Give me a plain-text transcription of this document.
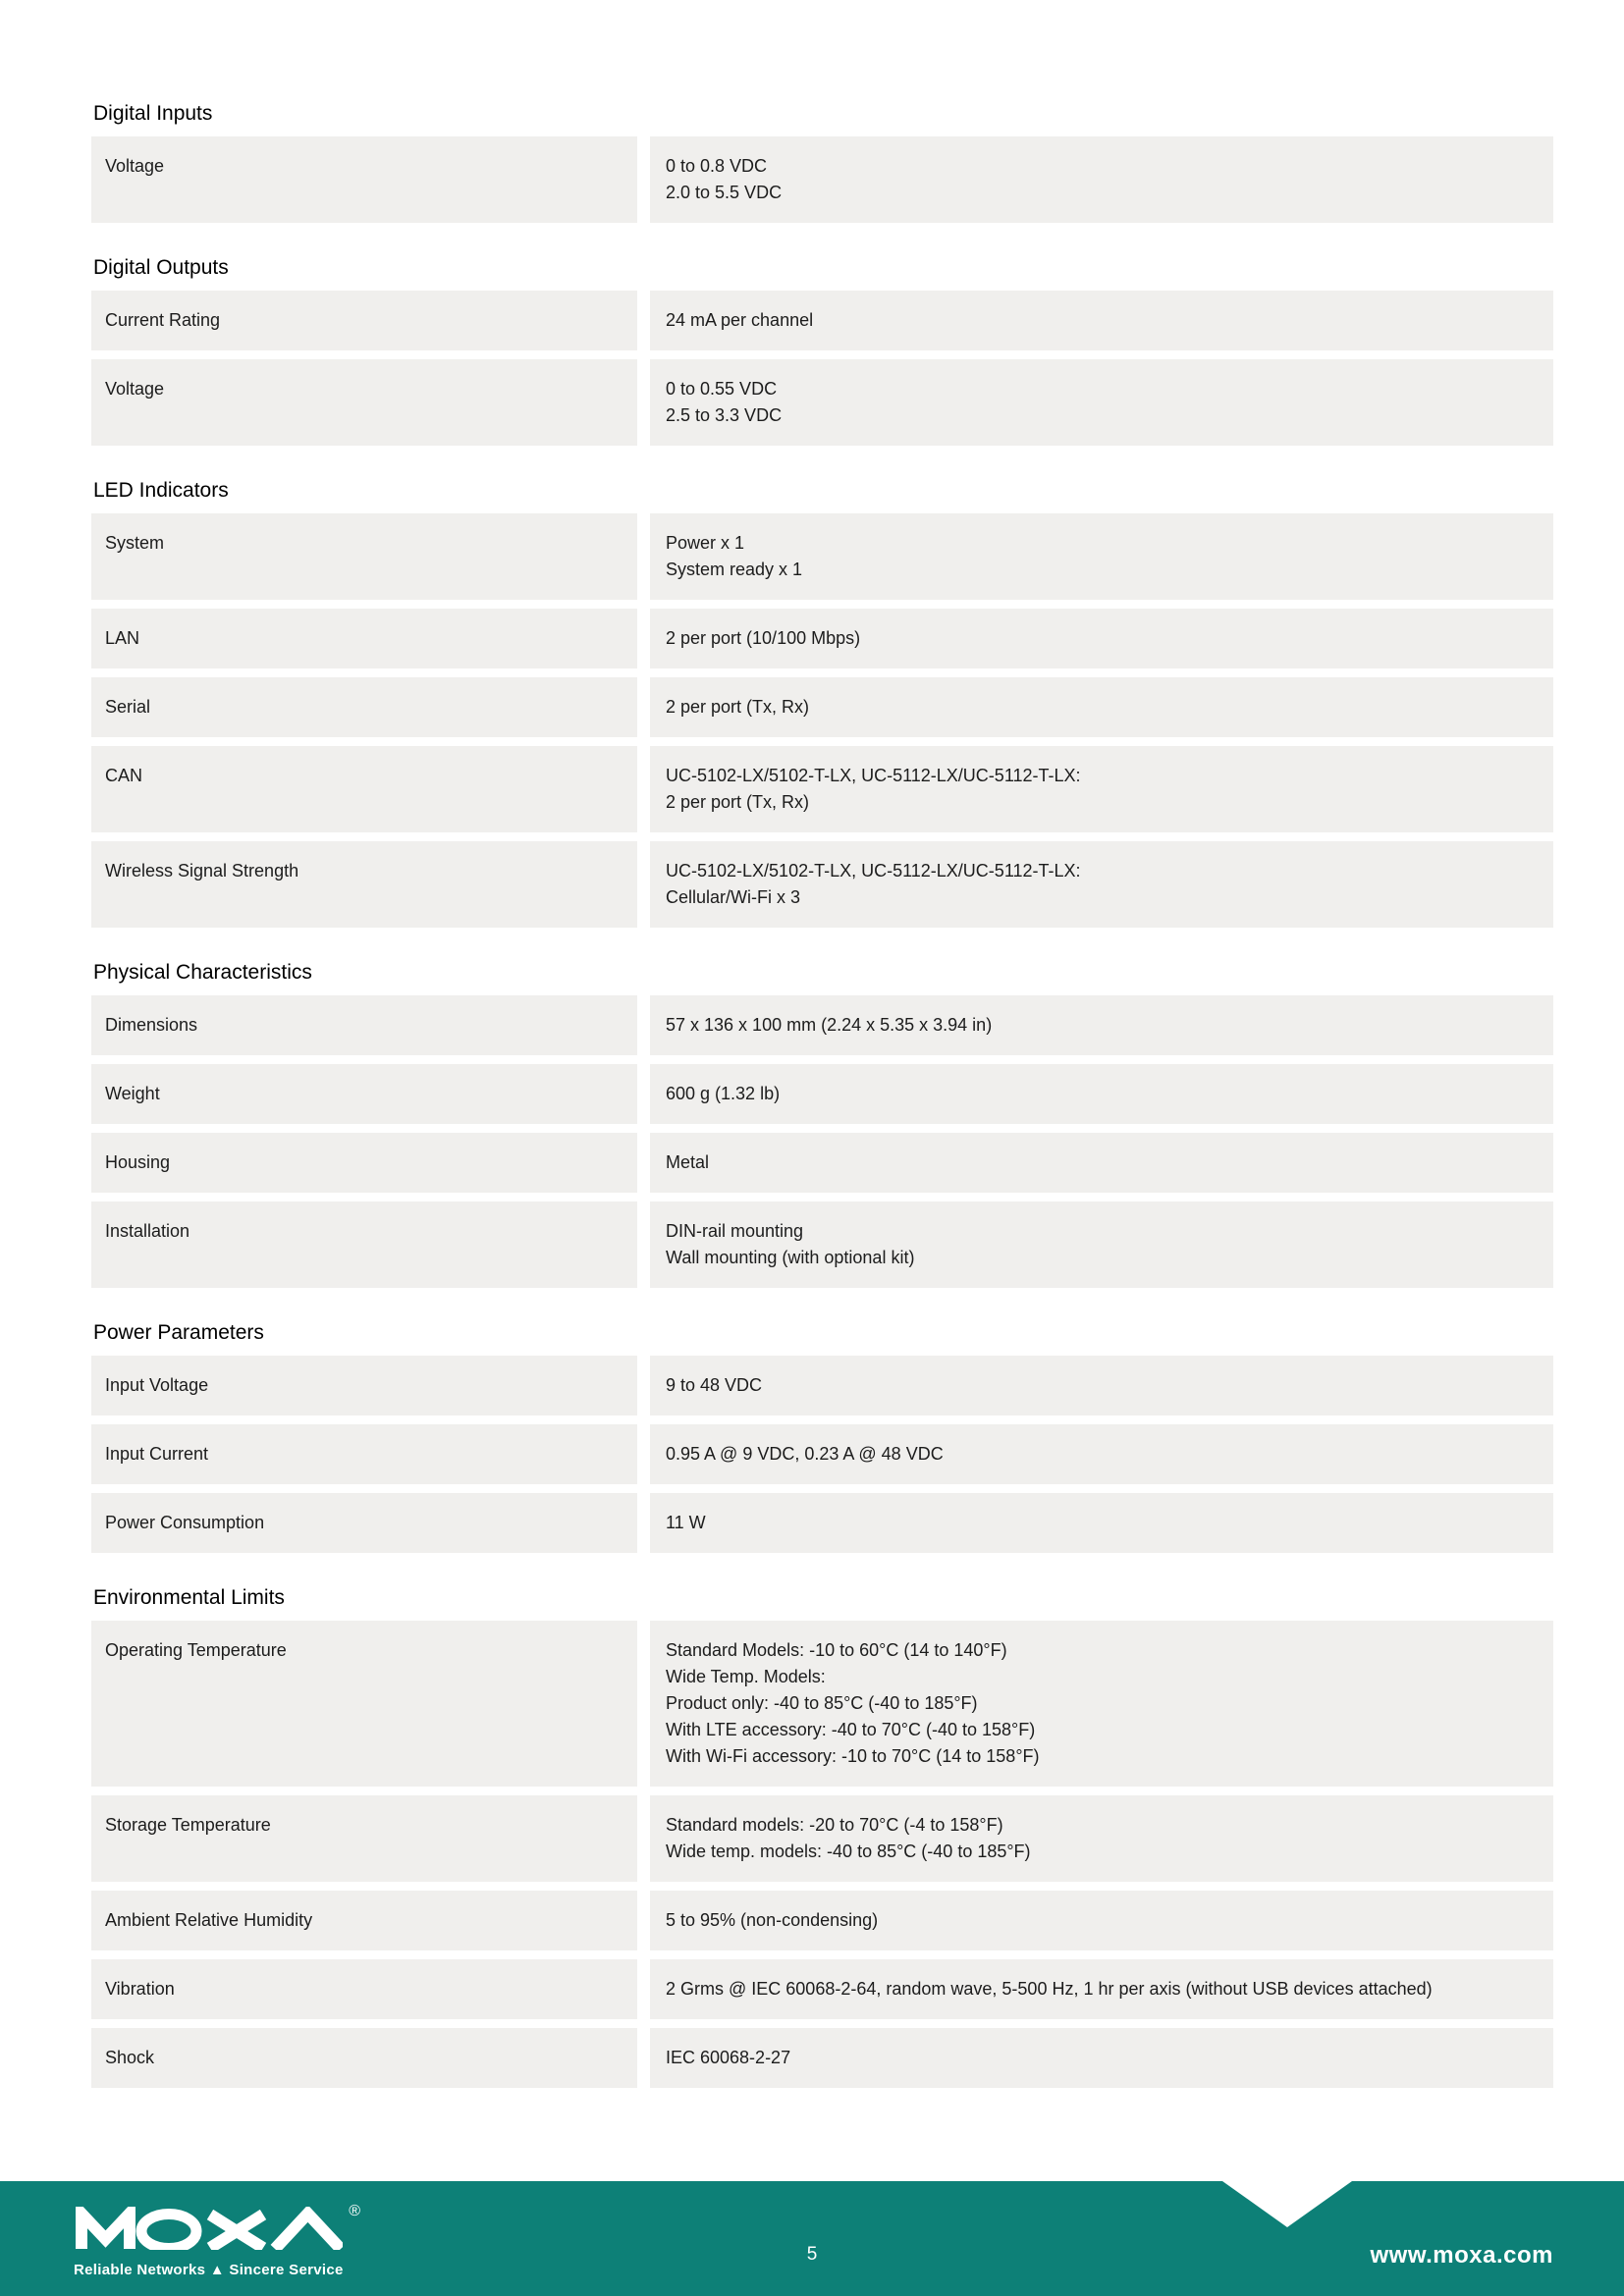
Digital Inputs
Voltage	0 to 0.8 VDC
2.0 to 5.5 VDC
Digital Outputs
Current Rating	24 mA per channel
Voltage	0 to 0.55 VDC
2.5 to 3.3 VDC
LED Indicators
System	Power x 1
System ready x 1
LAN	2 per port (10/100 Mbps)
Serial	2 per port (Tx, Rx)
CAN	UC-5102-LX/5102-T-LX, UC-5112-LX/UC-5112-T-LX:
2 per port (Tx, Rx)
Wireless Signal Strength	UC-5102-LX/5102-T-LX, UC-5112-LX/UC-5112-T-LX:
Cellular/Wi-Fi x 3
Physical Characteristics
Dimensions	57 x 136 x 100 mm (2.24 x 5.35 x 3.94 in)
Weight	600 g (1.32 lb)
Housing	Metal
Installation	DIN-rail mounting
Wall mounting (with optional kit)
Power Parameters
Input Voltage	9 to 48 VDC
Input Current	0.95 A @ 9 VDC, 0.23 A @ 48 VDC
Power Consumption	11 W
Environmental Limits
Operating Temperature	Standard Models: -10 to 60°C (14 to 140°F)
Wide Temp. Models:
Product only: -40 to 85°C (-40 to 185°F)
With LTE accessory: -40 to 70°C (-40 to 158°F)
With Wi-Fi accessory: -10 to 70°C (14 to 158°F)
Storage Temperature	Standard models: -20 to 70°C (-4 to 158°F)
Wide temp. models: -40 to 85°C (-40 to 185°F)
Ambient Relative Humidity	5 to 95% (non-condensing)
Vibration	2 Grms @ IEC 60068-2-64, random wave, 5-500 Hz, 1 hr per axis (without USB devices attached)
Shock	IEC 60068-2-27
®
Reliable Networks ▲ Sincere Service
5	www.moxa.com
